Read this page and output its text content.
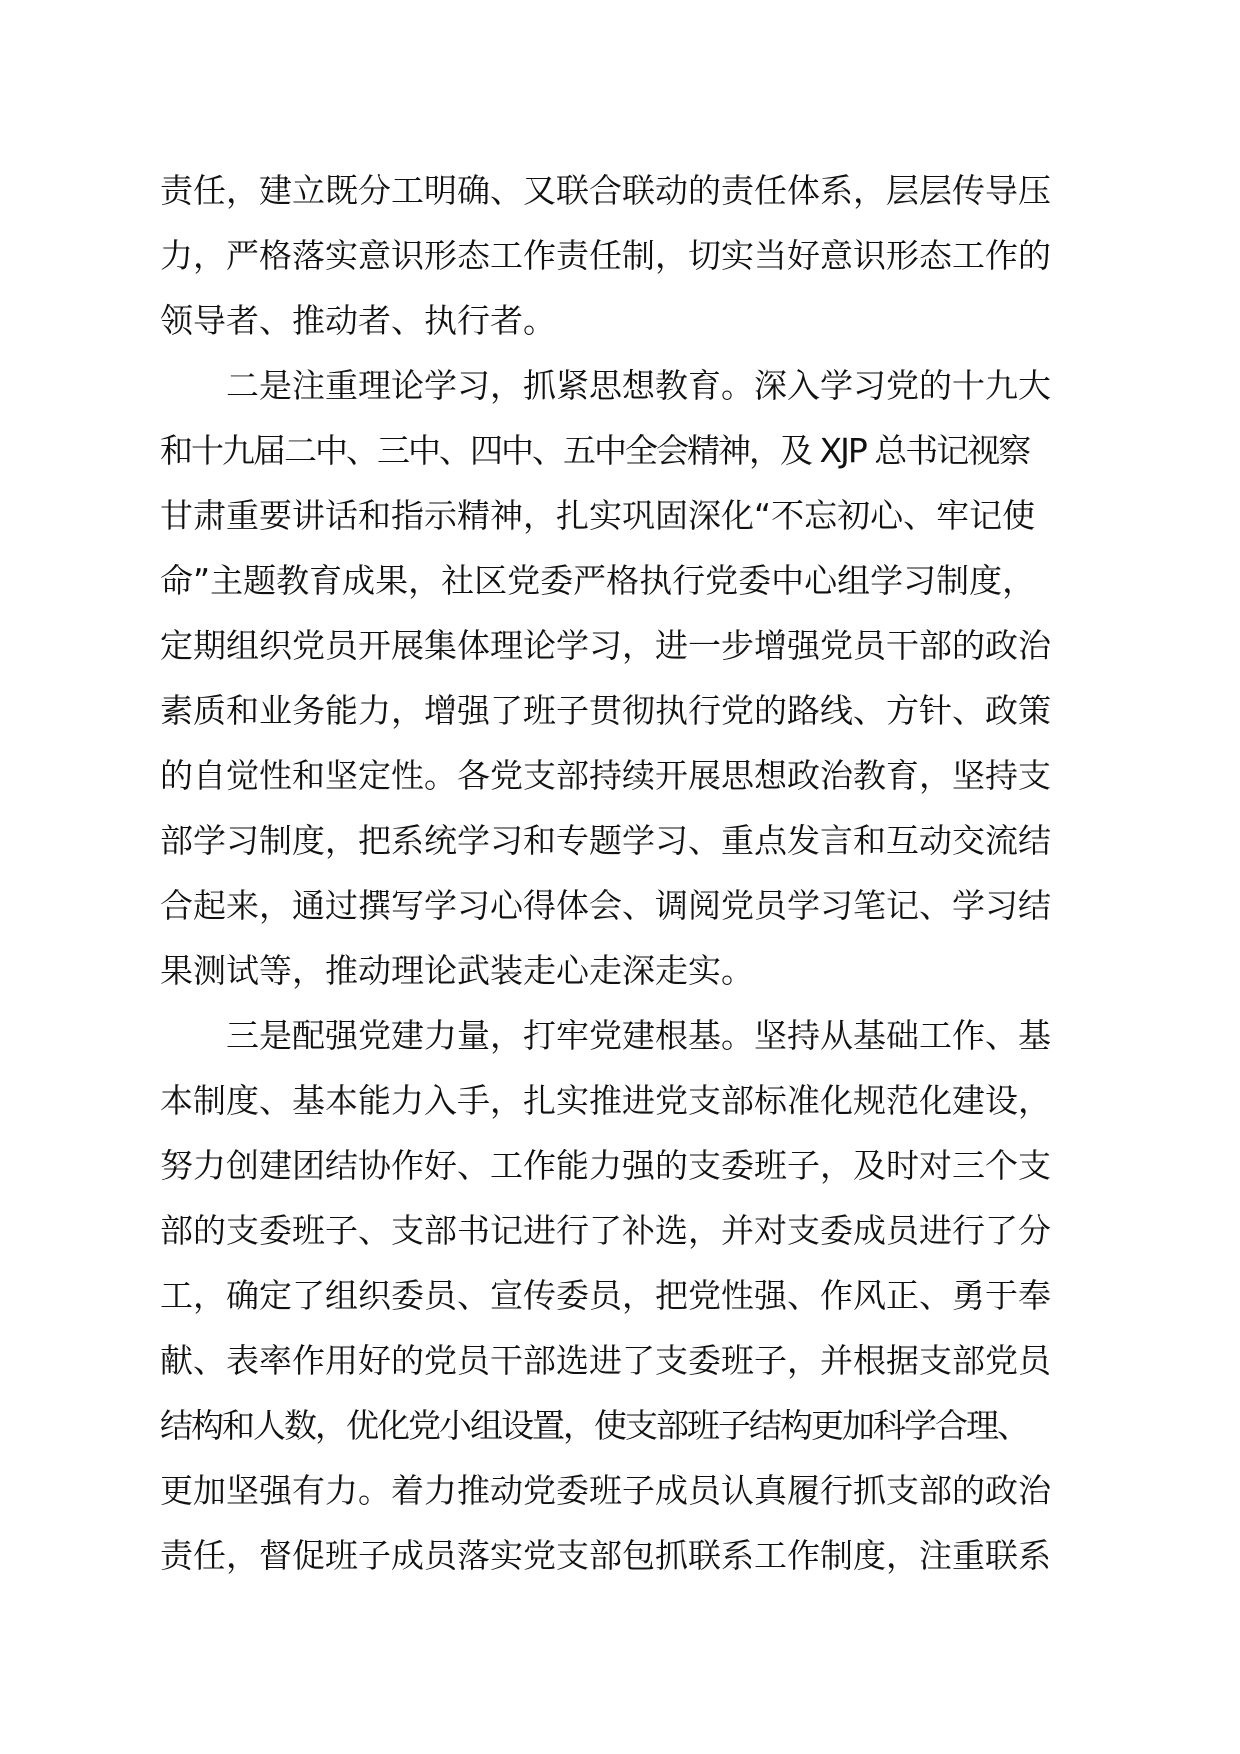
责任，建立既分工明确、又联合联动的责任体系，层层传导压
力，严格落实意识形态工作责任制，切实当好意识形态工作的
领导者、推动者、执行者。

二是注重理论学习，抓紧思想教育。深入学习党的十九大
和十九届二中、三中、四中、五中全会精神，及 XJP 总书记视察
甘肃重要讲话和指示精神，扎实巩固深化“不忘初心、牢记使
命”主题教育成果，社区党委严格执行党委中心组学习制度，
定期组织党员开展集体理论学习，进一步增强党员干部的政治
素质和业务能力，增强了班子贯彻执行党的路线、方针、政策
的自觉性和坚定性。各党支部持续开展思想政治教育，坚持支
部学习制度，把系统学习和专题学习、重点发言和互动交流结
合起来，通过撰写学习心得体会、调阅党员学习笔记、学习结
果测试等，推动理论武装走心走深走实。

三是配强党建力量，打牢党建根基。坚持从基础工作、基
本制度、基本能力入手，扎实推进党支部标准化规范化建设，
努力创建团结协作好、工作能力强的支委班子，及时对三个支
部的支委班子、支部书记进行了补选，并对支委成员进行了分
工，确定了组织委员、宣传委员，把党性强、作风正、勇于奉
献、表率作用好的党员干部选进了支委班子，并根据支部党员
结构和人数，优化党小组设置，使支部班子结构更加科学合理、
更加坚强有力。着力推动党委班子成员认真履行抓支部的政治
责任，督促班子成员落实党支部包抓联系工作制度，注重联系
